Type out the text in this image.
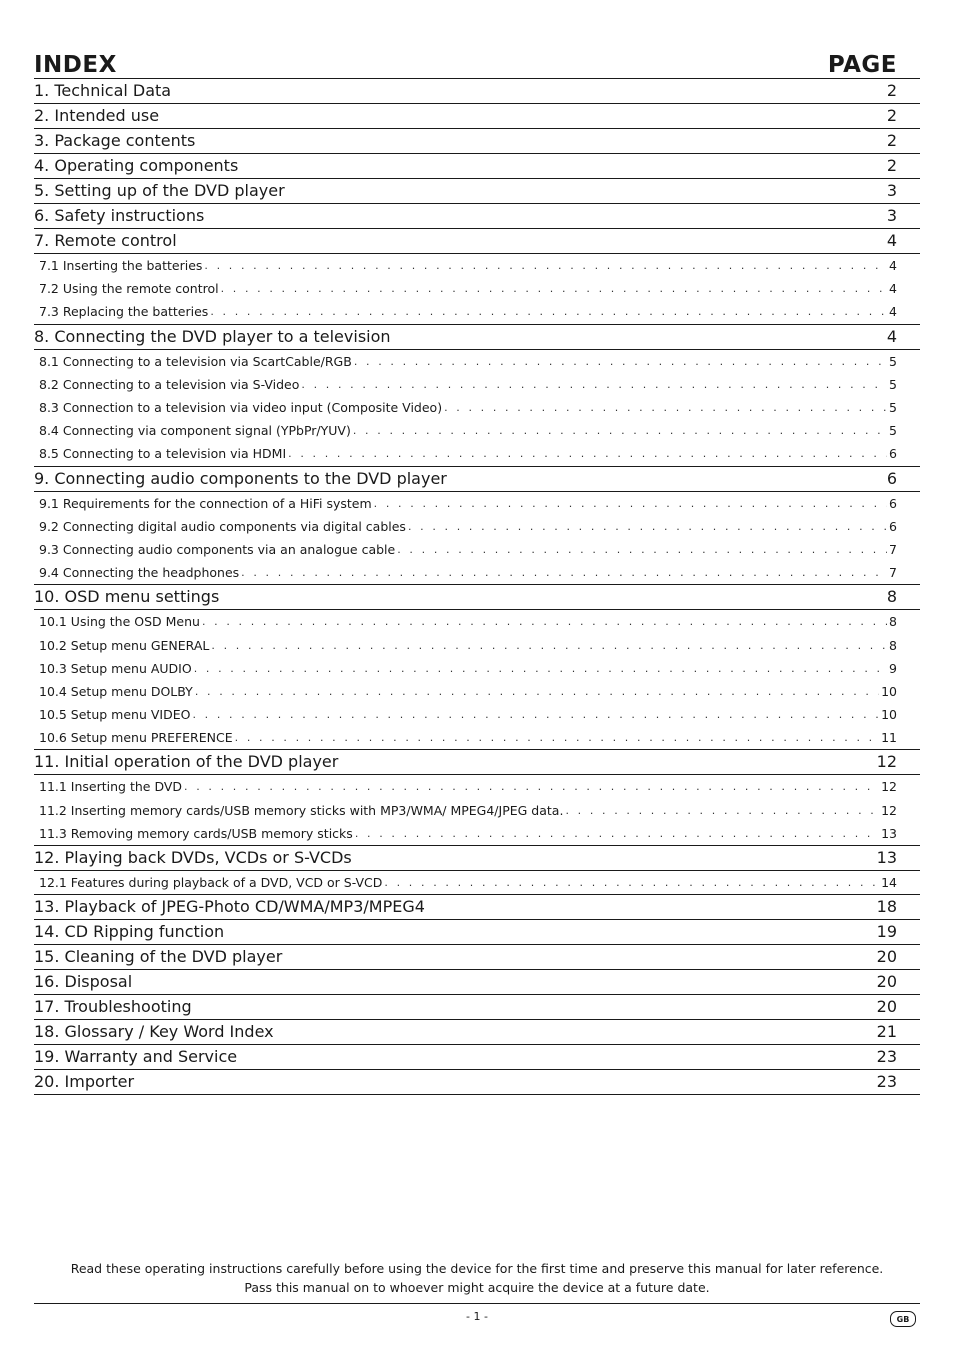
INDEX	PAGE
1. Technical Data	2
2. Intended use	2
3. Package contents	2
4. Operating components	2
5. Setting up of the DVD player	3
6. Safety instructions	3
7. Remote control	4
7.1 Inserting the batteries . . .	4
7.2 Using the remote control . . .	4
7.3 Replacing the batteries . . .	4
8. Connecting the DVD player to a television	4
8.1 Connecting to a television via ScartCable/RGB . . .	5
8.2 Connecting to a television via S-Video . . .	5
8.3 Connection to a television via video input (Composite Video) . . .	5
8.4 Connecting via component signal (YPbPr/YUV) . . .	5
8.5 Connecting to a television via HDMI . . .	6
9. Connecting audio components to the DVD player	6
9.1 Requirements for the connection of a HiFi system . . .	6
9.2 Connecting digital audio components via digital cables . . .	6
9.3 Connecting audio components via an analogue cable . . .	7
9.4 Connecting the headphones . . .	7
10. OSD menu settings	8
10.1 Using the OSD Menu . . .	8
10.2 Setup menu GENERAL . . .	8
10.3 Setup menu AUDIO . . .	9
10.4 Setup menu DOLBY . . .	10
10.5 Setup menu VIDEO . . .	10
10.6 Setup menu PREFERENCE . . .	11
11. Initial operation of the DVD player	12
11.1 Inserting the DVD . . .	12
11.2 Inserting memory cards/USB memory sticks with MP3/WMA/ MPEG4/JPEG data. . . .	12
11.3 Removing memory cards/USB memory sticks . . .	13
12. Playing back DVDs, VCDs or S-VCDs	13
12.1 Features during playback of a DVD, VCD or S-VCD . . .	14
13. Playback of JPEG-Photo CD/WMA/MP3/MPEG4	18
14. CD Ripping function	19
15. Cleaning of the DVD player	20
16. Disposal	20
17. Troubleshooting	20
18. Glossary / Key Word Index	21
19. Warranty and Service	23
20. Importer	23
Read these operating instructions carefully before using the device for the first time and preserve this manual for later reference.
Pass this manual on to whoever might acquire the device at a future date.
- 1 -	GB
